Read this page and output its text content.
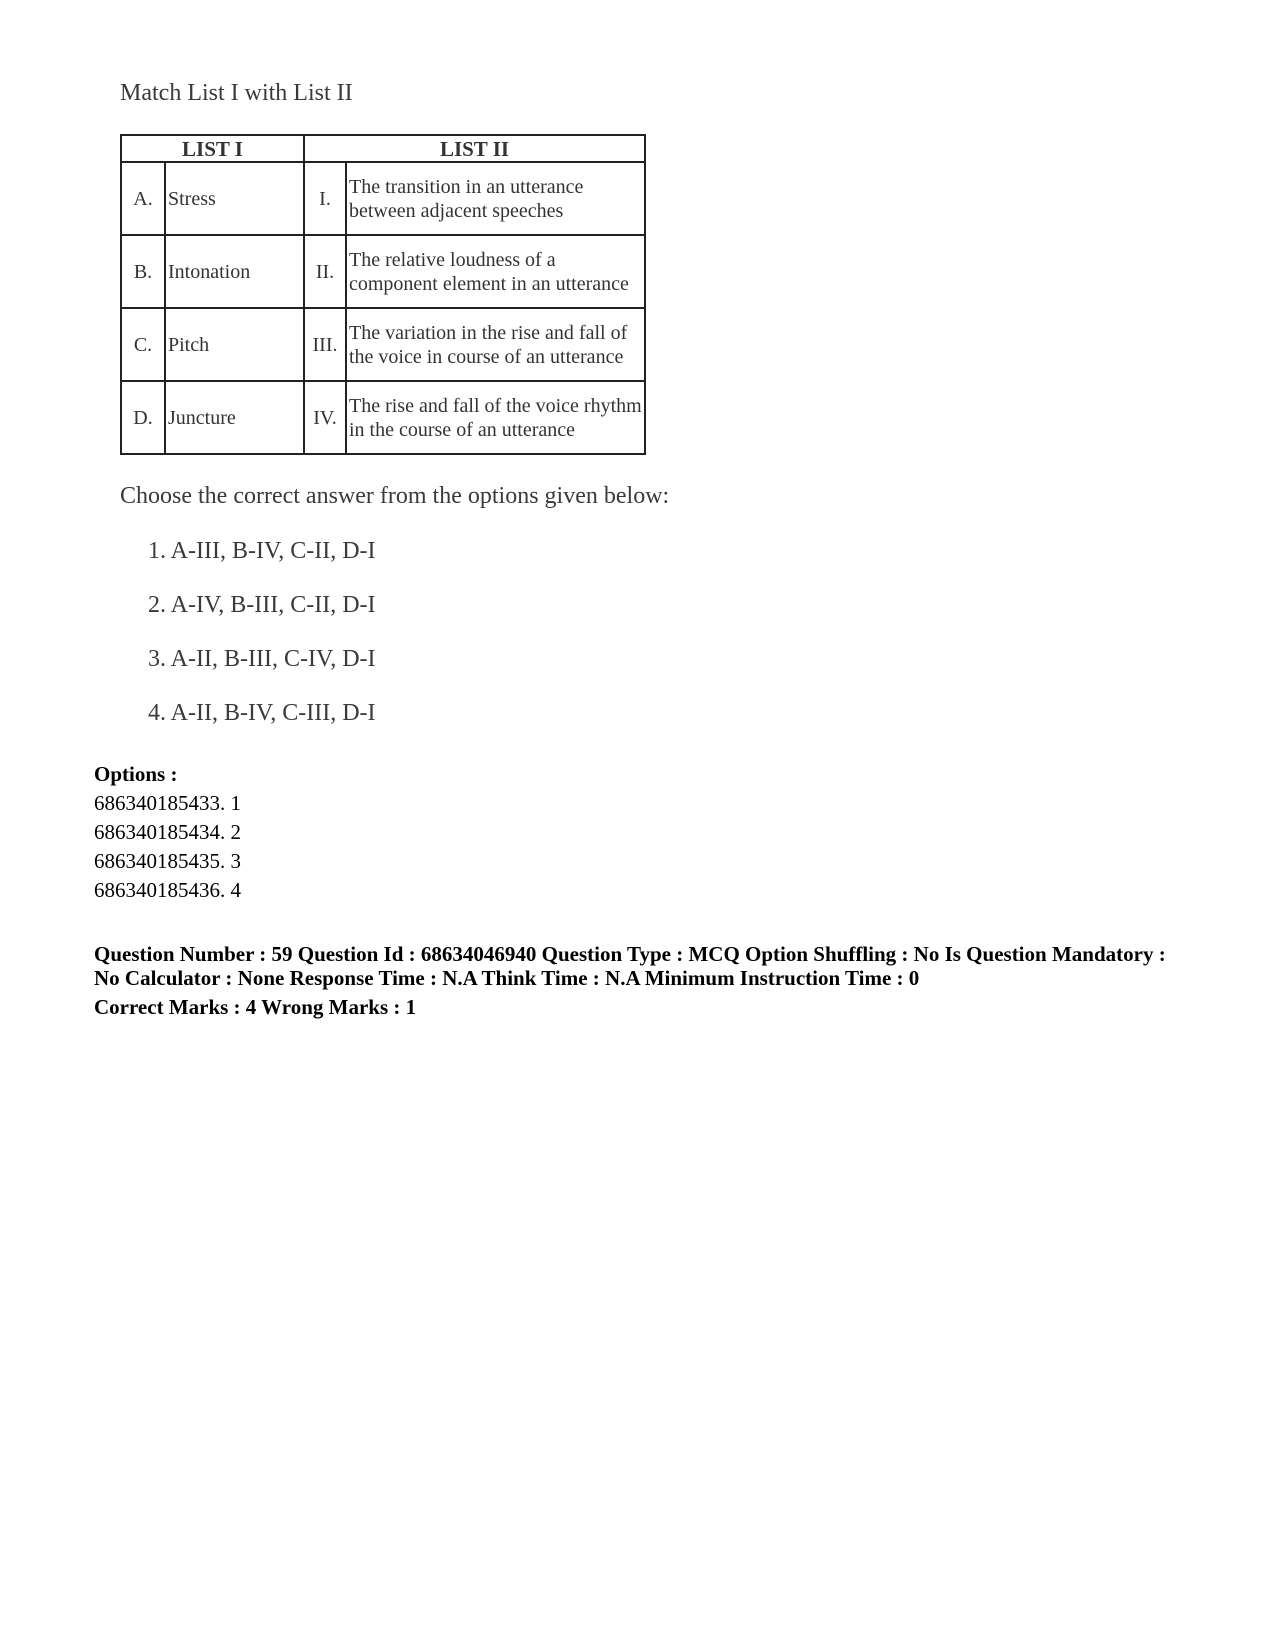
Match List I with List II

LIST I		LIST II	
A.	Stress	I.	The transition in an utterance between adjacent speeches
B.	Intonation	II.	The relative loudness of a component element in an utterance
C.	Pitch	III.	The variation in the rise and fall of the voice in course of an utterance
D.	Juncture	IV.	The rise and fall of the voice rhythm in the course of an utterance

Choose the correct answer from the options given below:

1. A-III, B-IV, C-II, D-I
2. A-IV, B-III, C-II, D-I
3. A-II, B-III, C-IV, D-I
4. A-II, B-IV, C-III, D-I
Options :
686340185433. 1
686340185434. 2
686340185435. 3
686340185436. 4
Question Number : 59 Question Id : 68634046940 Question Type : MCQ Option Shuffling : No Is Question Mandatory :
No Calculator : None Response Time : N.A Think Time : N.A Minimum Instruction Time : 0
Correct Marks : 4 Wrong Marks : 1
